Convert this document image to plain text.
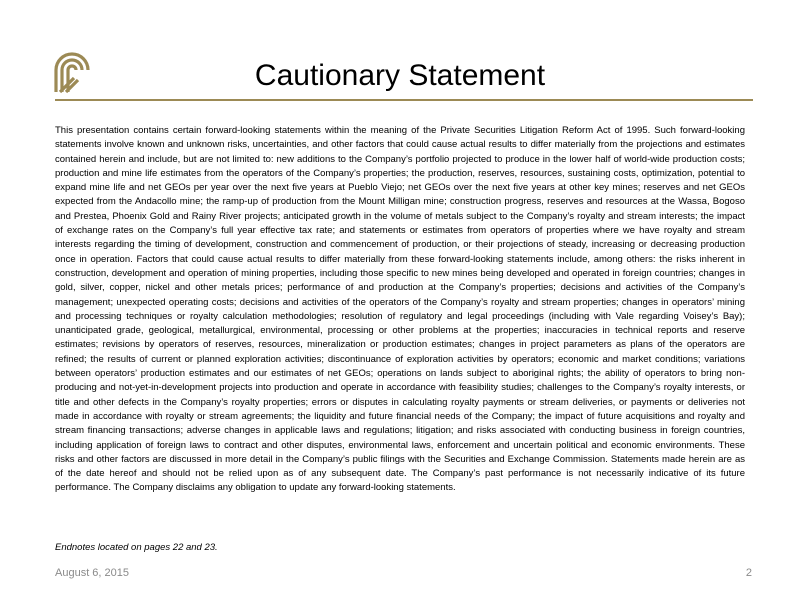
Cautionary Statement
This presentation contains certain forward-looking statements within the meaning of the Private Securities Litigation Reform Act of 1995. Such forward-looking statements involve known and unknown risks, uncertainties, and other factors that could cause actual results to differ materially from the projections and estimates contained herein and include, but are not limited to: new additions to the Company’s portfolio projected to produce in the lower half of world-wide production costs; production and mine life estimates from the operators of the Company’s properties; the production, reserves, resources, sustaining costs, optimization, potential to expand mine life and net GEOs per year over the next five years at Pueblo Viejo; net GEOs over the next five years at other key mines; reserves and net GEOs expected from the Andacollo mine; the ramp-up of production from the Mount Milligan mine; construction progress, reserves and resources at the Wassa, Bogoso and Prestea, Phoenix Gold and Rainy River projects; anticipated growth in the volume of metals subject to the Company’s royalty and stream interests; the impact of exchange rates on the Company’s full year effective tax rate; and statements or estimates from operators of properties where we have royalty and stream interests regarding the timing of development, construction and commencement of production, or their projections of steady, increasing or decreasing production once in operation. Factors that could cause actual results to differ materially from these forward-looking statements include, among others: the risks inherent in construction, development and operation of mining properties, including those specific to new mines being developed and operated in foreign countries; changes in gold, silver, copper, nickel and other metals prices; performance of and production at the Company’s properties; decisions and activities of the Company’s management; unexpected operating costs; decisions and activities of the operators of the Company’s royalty and stream properties; changes in operators’ mining and processing techniques or royalty calculation methodologies; resolution of regulatory and legal proceedings (including with Vale regarding Voisey’s Bay); unanticipated grade, geological, metallurgical, environmental, processing or other problems at the properties; inaccuracies in technical reports and reserve estimates; revisions by operators of reserves, resources, mineralization or production estimates; changes in project parameters as plans of the operators are refined; the results of current or planned exploration activities; discontinuance of exploration activities by operators; economic and market conditions; variations between operators’ production estimates and our estimates of net GEOs; operations on lands subject to aboriginal rights; the ability of operators to bring non-producing and not-yet-in-development projects into production and operate in accordance with feasibility studies; challenges to the Company’s royalty interests, or title and other defects in the Company’s royalty properties; errors or disputes in calculating royalty payments or stream deliveries, or payments or deliveries not made in accordance with royalty or stream agreements; the liquidity and future financial needs of the Company; the impact of future acquisitions and royalty and stream financing transactions; adverse changes in applicable laws and regulations; litigation; and risks associated with conducting business in foreign countries, including application of foreign laws to contract and other disputes, environmental laws, enforcement and uncertain political and economic environments. These risks and other factors are discussed in more detail in the Company’s public filings with the Securities and Exchange Commission. Statements made herein are as of the date hereof and should not be relied upon as of any subsequent date. The Company’s past performance is not necessarily indicative of its future performance. The Company disclaims any obligation to update any forward-looking statements.
Endnotes located on pages 22 and 23.
August 6, 2015	2
